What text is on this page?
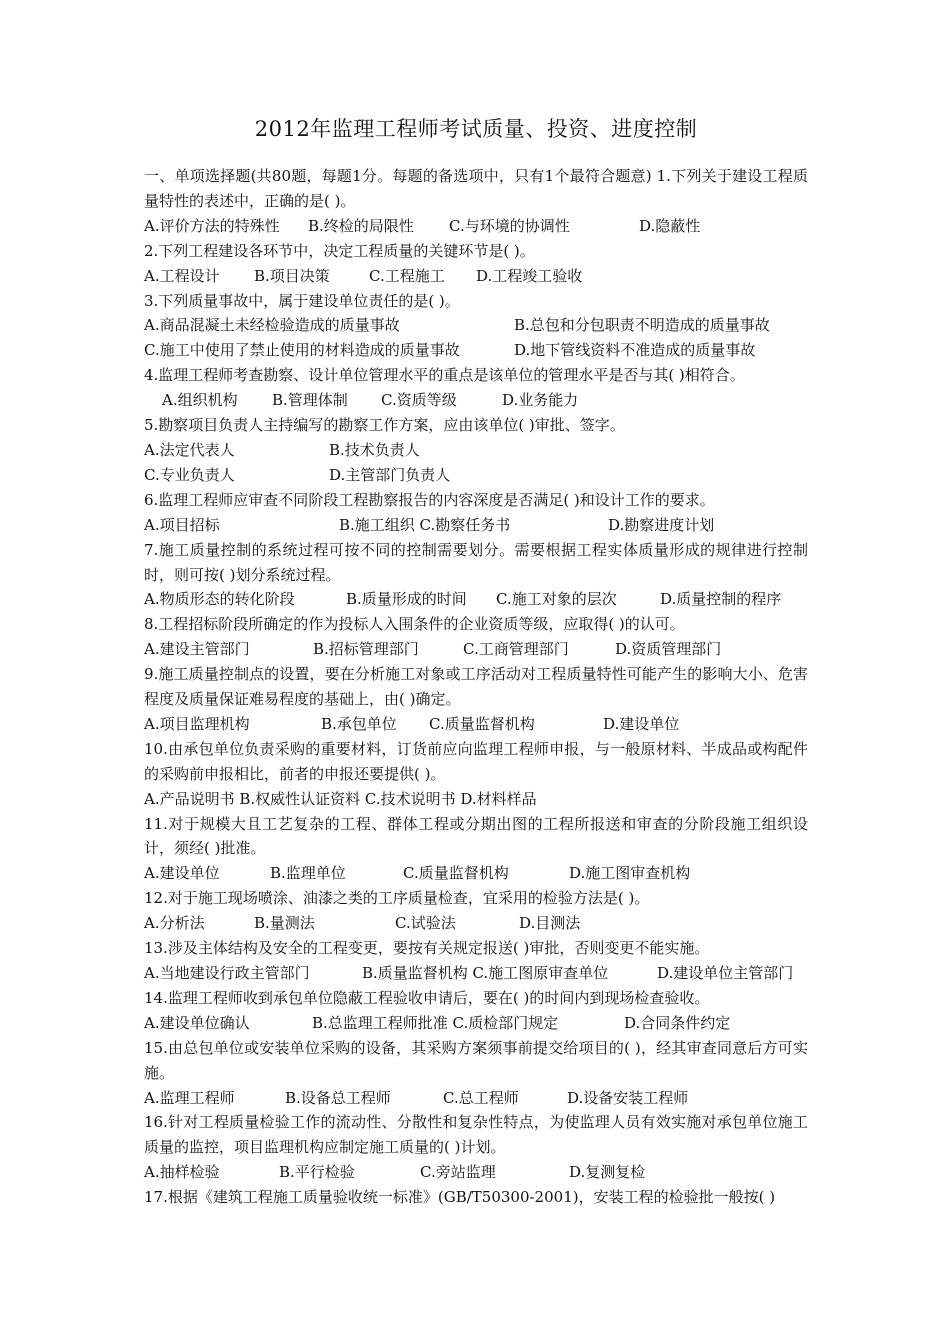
2012年监理工程师考试质量、投资、进度控制

一、单项选择题(共80题，每题1分。每题的备选项中，只有1个最符合题意) 1.下列关于建设工程质量特性的表述中，正确的是( )。

A.评价方法的特殊性	B.终检的局限性	C.与环境的协调性	D.隐蔽性

2.下列工程建设各环节中，决定工程质量的关键环节是( )。

A.工程设计	B.项目决策	C.工程施工	D.工程竣工验收

3.下列质量事故中，属于建设单位责任的是( )。

A.商品混凝土未经检验造成的质量事故	B.总包和分包职责不明造成的质量事故
C.施工中使用了禁止使用的材料造成的质量事故	D.地下管线资料不准造成的质量事故

4.监理工程师考查勘察、设计单位管理水平的重点是该单位的管理水平是否与其( )相符合。

A.组织机构	B.管理体制	C.资质等级	D.业务能力

5.勘察项目负责人主持编写的勘察工作方案，应由该单位( )审批、签字。

A.法定代表人	B.技术负责人
C.专业负责人	D.主管部门负责人

6.监理工程师应审查不同阶段工程勘察报告的内容深度是否满足( )和设计工作的要求。

A.项目招标	B.施工组织 C.勘察任务书	D.勘察进度计划

7.施工质量控制的系统过程可按不同的控制需要划分。需要根据工程实体质量形成的规律进行控制时，则可按( )划分系统过程。

A.物质形态的转化阶段	B.质量形成的时间	C.施工对象的层次	D.质量控制的程序

8.工程招标阶段所确定的作为投标人入围条件的企业资质等级，应取得( )的认可。

A.建设主管部门	B.招标管理部门	C.工商管理部门	D.资质管理部门

9.施工质量控制点的设置，要在分析施工对象或工序活动对工程质量特性可能产生的影响大小、危害程度及质量保证难易程度的基础上，由( )确定。

A.项目监理机构	B.承包单位	C.质量监督机构	D.建设单位

10.由承包单位负责采购的重要材料，订货前应向监理工程师申报，与一般原材料、半成品或构配件的采购前申报相比，前者的申报还要提供( )。

A.产品说明书 B.权威性认证资料 C.技术说明书 D.材料样品

11.对于规模大且工艺复杂的工程、群体工程或分期出图的工程所报送和审查的分阶段施工组织设计，须经( )批准。

A.建设单位	B.监理单位	C.质量监督机构	D.施工图审查机构

12.对于施工现场喷涂、油漆之类的工序质量检查，宜采用的检验方法是( )。

A.分析法	B.量测法	C.试验法	D.目测法

13.涉及主体结构及安全的工程变更，要按有关规定报送( )审批，否则变更不能实施。

A.当地建设行政主管部门	B.质量监督机构 C.施工图原审查单位	D.建设单位主管部门

14.监理工程师收到承包单位隐蔽工程验收申请后，要在( )的时间内到现场检查验收。

A.建设单位确认	B.总监理工程师批准 C.质检部门规定	D.合同条件约定

15.由总包单位或安装单位采购的设备，其采购方案须事前提交给项目的( )，经其审查同意后方可实施。

A.监理工程师	B.设备总工程师	C.总工程师	D.设备安装工程师

16.针对工程质量检验工作的流动性、分散性和复杂性特点，为使监理人员有效实施对承包单位施工质量的监控，项目监理机构应制定施工质量的( )计划。

A.抽样检验	B.平行检验	C.旁站监理	D.复测复检

17.根据《建筑工程施工质量验收统一标准》(GB/T50300-2001)，安装工程的检验批一般按( )
